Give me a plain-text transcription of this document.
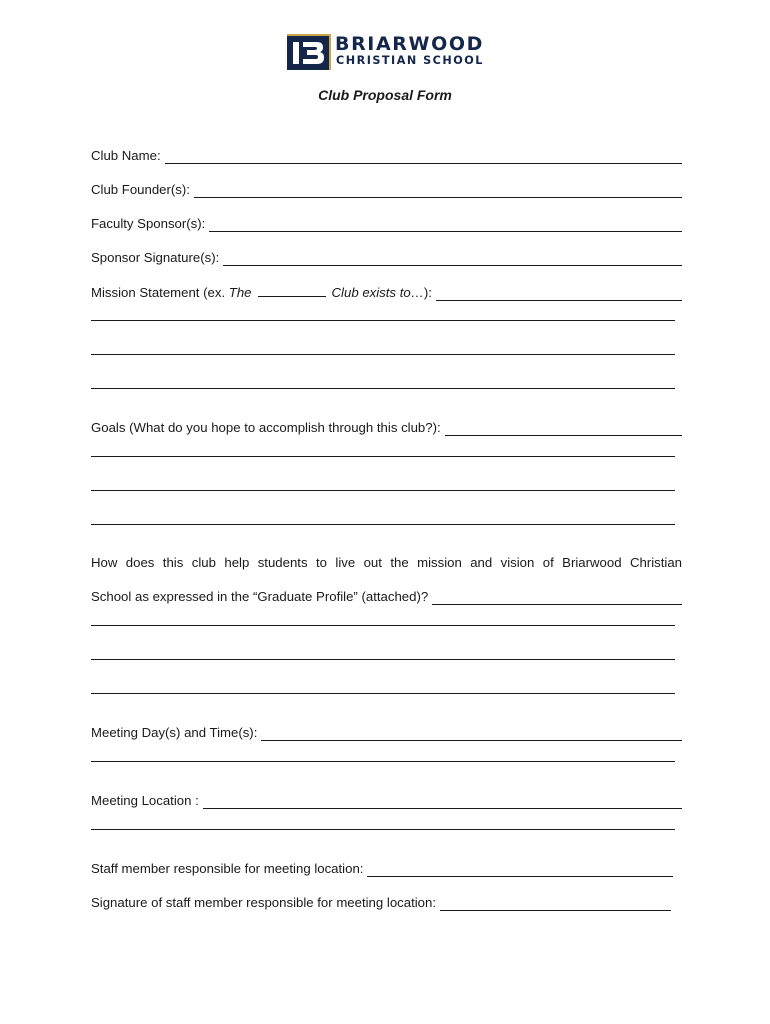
BRIARWOOD
CHRISTIAN SCHOOL
Club Proposal Form
Club Name:
Club Founder(s):
Faculty Sponsor(s):
Sponsor Signature(s):
Mission Statement (ex. The	Club exists to…):
Goals (What do you hope to accomplish through this club?):
How does this club help students to live out the mission and vision of Briarwood Christian
School as expressed in the “Graduate Profile” (attached)?
Meeting Day(s) and Time(s):
Meeting Location :
Staff member responsible for meeting location:
Signature of staff member responsible for meeting location:
